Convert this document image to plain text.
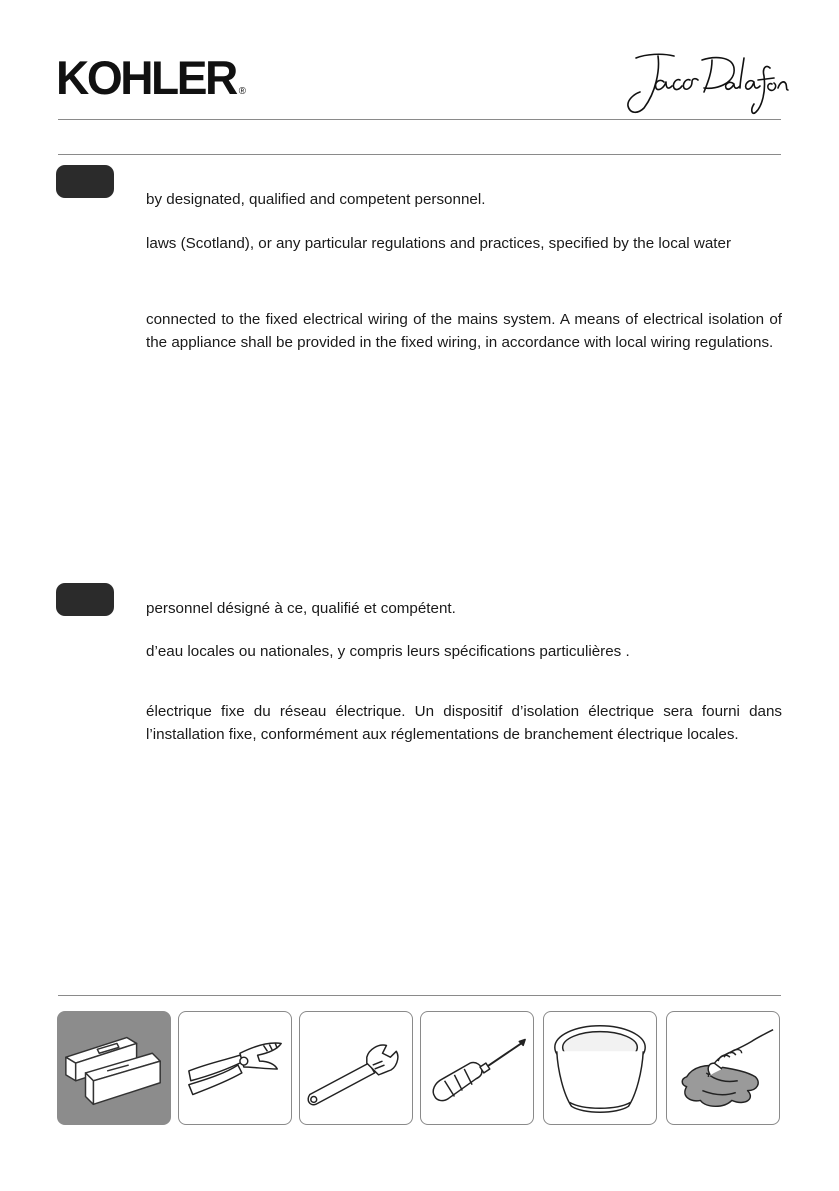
KOHLER ®

by designated, qualified and competent personnel.

laws (Scotland), or any particular regulations and practices, specified by the local water

connected to the fixed electrical wiring of the mains system. A means of electrical isolation of the appliance shall be provided in the fixed wiring, in accordance with local wiring regulations.

personnel désigné à ce, qualifié et compétent.

d’eau locales ou nationales, y compris leurs spécifications particulières .

électrique fixe du réseau électrique. Un dispositif d’isolation électrique sera fourni dans l’installation fixe, conformément aux réglementations de branchement électrique locales.
